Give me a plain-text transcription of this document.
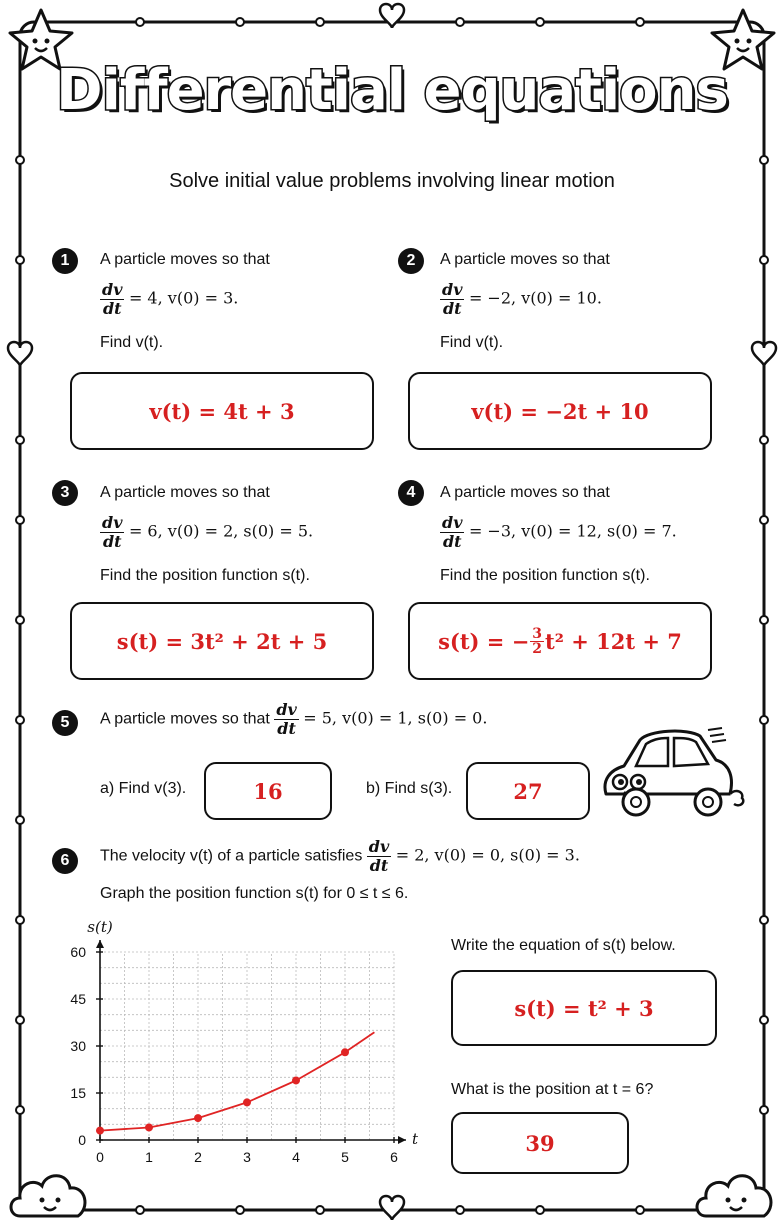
Differential equations
Solve initial value problems involving linear motion
1	A particle moves so that
$\frac{dv}{dt} = 4$, v(0) = 3.
Find v(t).
v(t) = 4t + 3
2	A particle moves so that
$\frac{dv}{dt} = -2$, v(0) = 10.
Find v(t).
v(t) = −2t + 10
3	A particle moves so that
$\frac{dv}{dt} = 6$, v(0) = 2, s(0) = 5.
Find the position function s(t).
s(t) = 3t² + 2t + 5
4	A particle moves so that
$\frac{dv}{dt} = -3$, v(0) = 12, s(0) = 7.
Find the position function s(t).
s(t) = − $\frac{3}{2} t^2 + 12t + 7$
5	A particle moves so that $\frac{dv}{dt} = 5$, v(0) = 1, s(0) = 0.
a) Find v(3).	16	b) Find s(3).	27
6	The velocity v(t) of a particle satisfies $\frac{dv}{dt} = 2$, v(0) = 0, s(0) = 3.
Graph the position function s(t) for 0 ≤ t ≤ 6.
0	1	2	3	4	5	6
0
15
30
45
60
s(t)
t
Write the equation of s(t) below.
s(t) = t² + 3
What is the position at t = 6?
39
